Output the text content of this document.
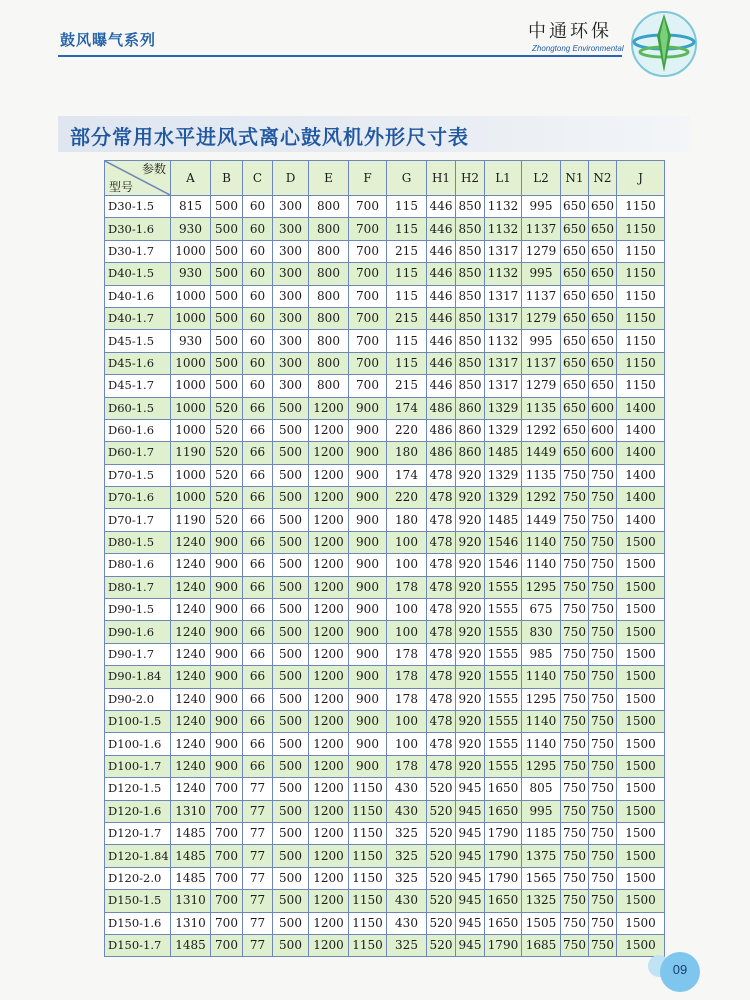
鼓风曝气系列	中通环保
Zhongtong Environmental
部分常用水平进风式离心鼓风机外形尺寸表
参数
型号	A	B	C	D	E	F	G	H1	H2	L1	L2	N1	N2	J
D30-1.5	815	500	60	300	800	700	115	446	850	1132	995	650	650	1150
D30-1.6	930	500	60	300	800	700	115	446	850	1132	1137	650	650	1150
D30-1.7	1000	500	60	300	800	700	215	446	850	1317	1279	650	650	1150
D40-1.5	930	500	60	300	800	700	115	446	850	1132	995	650	650	1150
D40-1.6	1000	500	60	300	800	700	115	446	850	1317	1137	650	650	1150
D40-1.7	1000	500	60	300	800	700	215	446	850	1317	1279	650	650	1150
D45-1.5	930	500	60	300	800	700	115	446	850	1132	995	650	650	1150
D45-1.6	1000	500	60	300	800	700	115	446	850	1317	1137	650	650	1150
D45-1.7	1000	500	60	300	800	700	215	446	850	1317	1279	650	650	1150
D60-1.5	1000	520	66	500	1200	900	174	486	860	1329	1135	650	600	1400
D60-1.6	1000	520	66	500	1200	900	220	486	860	1329	1292	650	600	1400
D60-1.7	1190	520	66	500	1200	900	180	486	860	1485	1449	650	600	1400
D70-1.5	1000	520	66	500	1200	900	174	478	920	1329	1135	750	750	1400
D70-1.6	1000	520	66	500	1200	900	220	478	920	1329	1292	750	750	1400
D70-1.7	1190	520	66	500	1200	900	180	478	920	1485	1449	750	750	1400
D80-1.5	1240	900	66	500	1200	900	100	478	920	1546	1140	750	750	1500
D80-1.6	1240	900	66	500	1200	900	100	478	920	1546	1140	750	750	1500
D80-1.7	1240	900	66	500	1200	900	178	478	920	1555	1295	750	750	1500
D90-1.5	1240	900	66	500	1200	900	100	478	920	1555	675	750	750	1500
D90-1.6	1240	900	66	500	1200	900	100	478	920	1555	830	750	750	1500
D90-1.7	1240	900	66	500	1200	900	178	478	920	1555	985	750	750	1500
D90-1.84	1240	900	66	500	1200	900	178	478	920	1555	1140	750	750	1500
D90-2.0	1240	900	66	500	1200	900	178	478	920	1555	1295	750	750	1500
D100-1.5	1240	900	66	500	1200	900	100	478	920	1555	1140	750	750	1500
D100-1.6	1240	900	66	500	1200	900	100	478	920	1555	1140	750	750	1500
D100-1.7	1240	900	66	500	1200	900	178	478	920	1555	1295	750	750	1500
D120-1.5	1240	700	77	500	1200	1150	430	520	945	1650	805	750	750	1500
D120-1.6	1310	700	77	500	1200	1150	430	520	945	1650	995	750	750	1500
D120-1.7	1485	700	77	500	1200	1150	325	520	945	1790	1185	750	750	1500
D120-1.84	1485	700	77	500	1200	1150	325	520	945	1790	1375	750	750	1500
D120-2.0	1485	700	77	500	1200	1150	325	520	945	1790	1565	750	750	1500
D150-1.5	1310	700	77	500	1200	1150	430	520	945	1650	1325	750	750	1500
D150-1.6	1310	700	77	500	1200	1150	430	520	945	1650	1505	750	750	1500
D150-1.7	1485	700	77	500	1200	1150	325	520	945	1790	1685	750	750	1500
09
